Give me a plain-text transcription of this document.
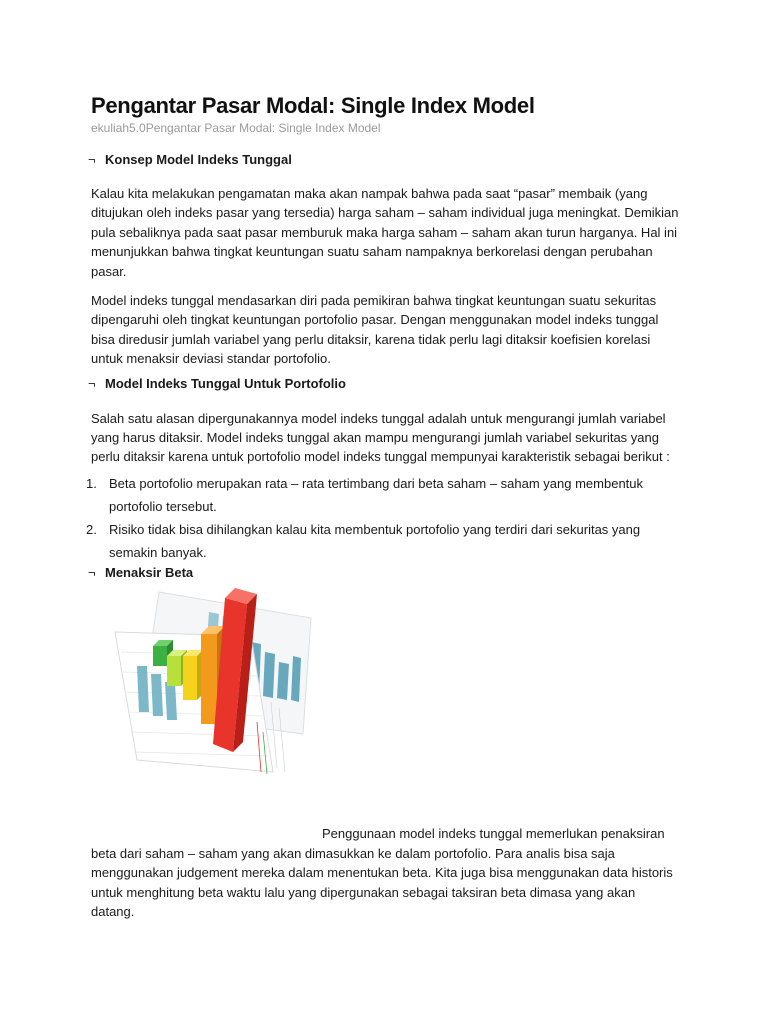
Pengantar Pasar Modal: Single Index Model
ekuliah5.0Pengantar Pasar Modal: Single Index Model
¬ Konsep Model Indeks Tunggal

Kalau kita melakukan pengamatan maka akan nampak bahwa pada saat “pasar” membaik (yang ditujukan oleh indeks pasar yang tersedia) harga saham – saham individual juga meningkat. Demikian pula sebaliknya pada saat pasar memburuk maka harga saham – saham akan turun harganya. Hal ini menunjukkan bahwa tingkat keuntungan suatu saham nampaknya berkorelasi dengan perubahan pasar.

Model indeks tunggal mendasarkan diri pada pemikiran bahwa tingkat keuntungan suatu sekuritas dipengaruhi oleh tingkat keuntungan portofolio pasar. Dengan menggunakan model indeks tunggal bisa diredusir jumlah variabel yang perlu ditaksir, karena tidak perlu lagi ditaksir koefisien korelasi untuk menaksir deviasi standar portofolio.

¬ Model Indeks Tunggal Untuk Portofolio

Salah satu alasan dipergunakannya model indeks tunggal adalah untuk mengurangi jumlah variabel yang harus ditaksir. Model indeks tunggal akan mampu mengurangi jumlah variabel sekuritas yang perlu ditaksir karena untuk portofolio model indeks tunggal mempunyai karakteristik sebagai berikut :

1. Beta portofolio merupakan rata – rata tertimbang dari beta saham – saham yang membentuk portofolio tersebut.
2. Risiko tidak bisa dihilangkan kalau kita membentuk portofolio yang terdiri dari sekuritas yang semakin banyak.
¬ Menaksir Beta
Penggunaan model indeks tunggal memerlukan penaksiran beta dari saham – saham yang akan dimasukkan ke dalam portofolio. Para analis bisa saja menggunakan judgement mereka dalam menentukan beta. Kita juga bisa menggunakan data historis untuk menghitung beta waktu lalu yang dipergunakan sebagai taksiran beta dimasa yang akan datang.
